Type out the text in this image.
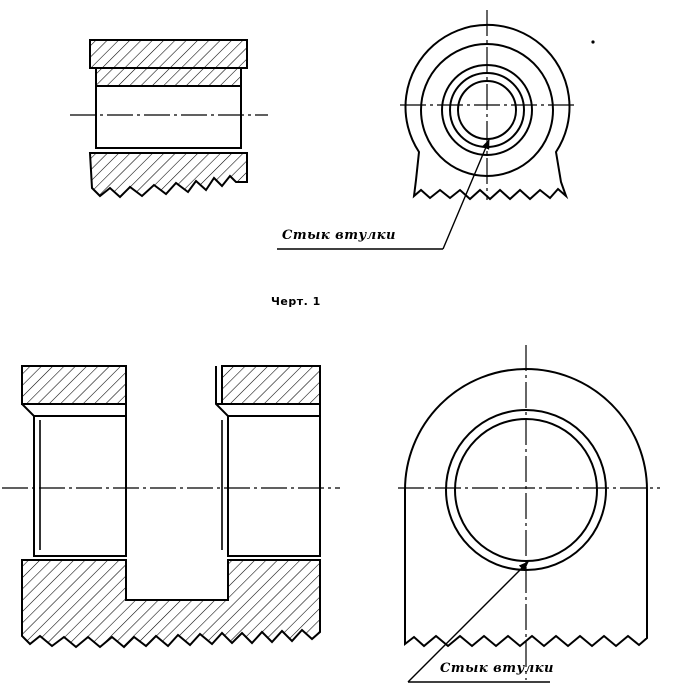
Стык втулки
Черт. 1
Стык втулки
